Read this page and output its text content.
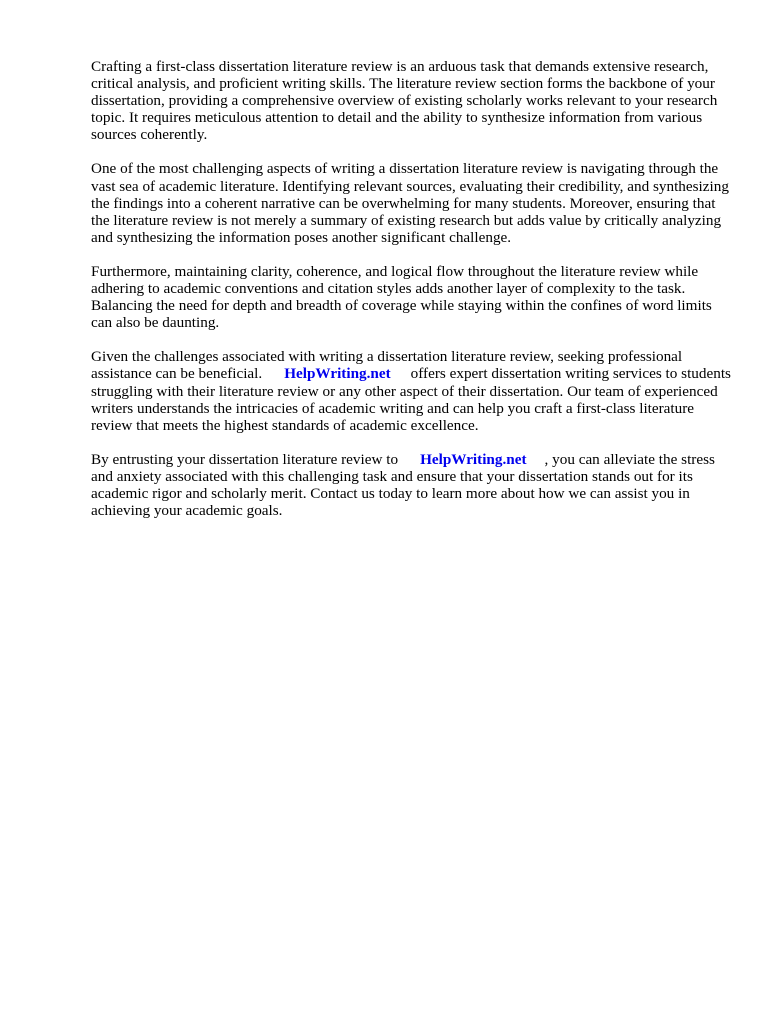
Crafting a first-class dissertation literature review is an arduous task that demands extensive research, critical analysis, and proficient writing skills. The literature review section forms the backbone of your dissertation, providing a comprehensive overview of existing scholarly works relevant to your research topic. It requires meticulous attention to detail and the ability to synthesize information from various sources coherently.

One of the most challenging aspects of writing a dissertation literature review is navigating through the vast sea of academic literature. Identifying relevant sources, evaluating their credibility, and synthesizing the findings into a coherent narrative can be overwhelming for many students. Moreover, ensuring that the literature review is not merely a summary of existing research but adds value by critically analyzing and synthesizing the information poses another significant challenge.

Furthermore, maintaining clarity, coherence, and logical flow throughout the literature review while adhering to academic conventions and citation styles adds another layer of complexity to the task. Balancing the need for depth and breadth of coverage while staying within the confines of word limits can also be daunting.

Given the challenges associated with writing a dissertation literature review, seeking professional assistance can be beneficial. HelpWriting.net offers expert dissertation writing services to students struggling with their literature review or any other aspect of their dissertation. Our team of experienced writers understands the intricacies of academic writing and can help you craft a first-class literature review that meets the highest standards of academic excellence.

By entrusting your dissertation literature review to HelpWriting.net , you can alleviate the stress and anxiety associated with this challenging task and ensure that your dissertation stands out for its academic rigor and scholarly merit. Contact us today to learn more about how we can assist you in achieving your academic goals.
